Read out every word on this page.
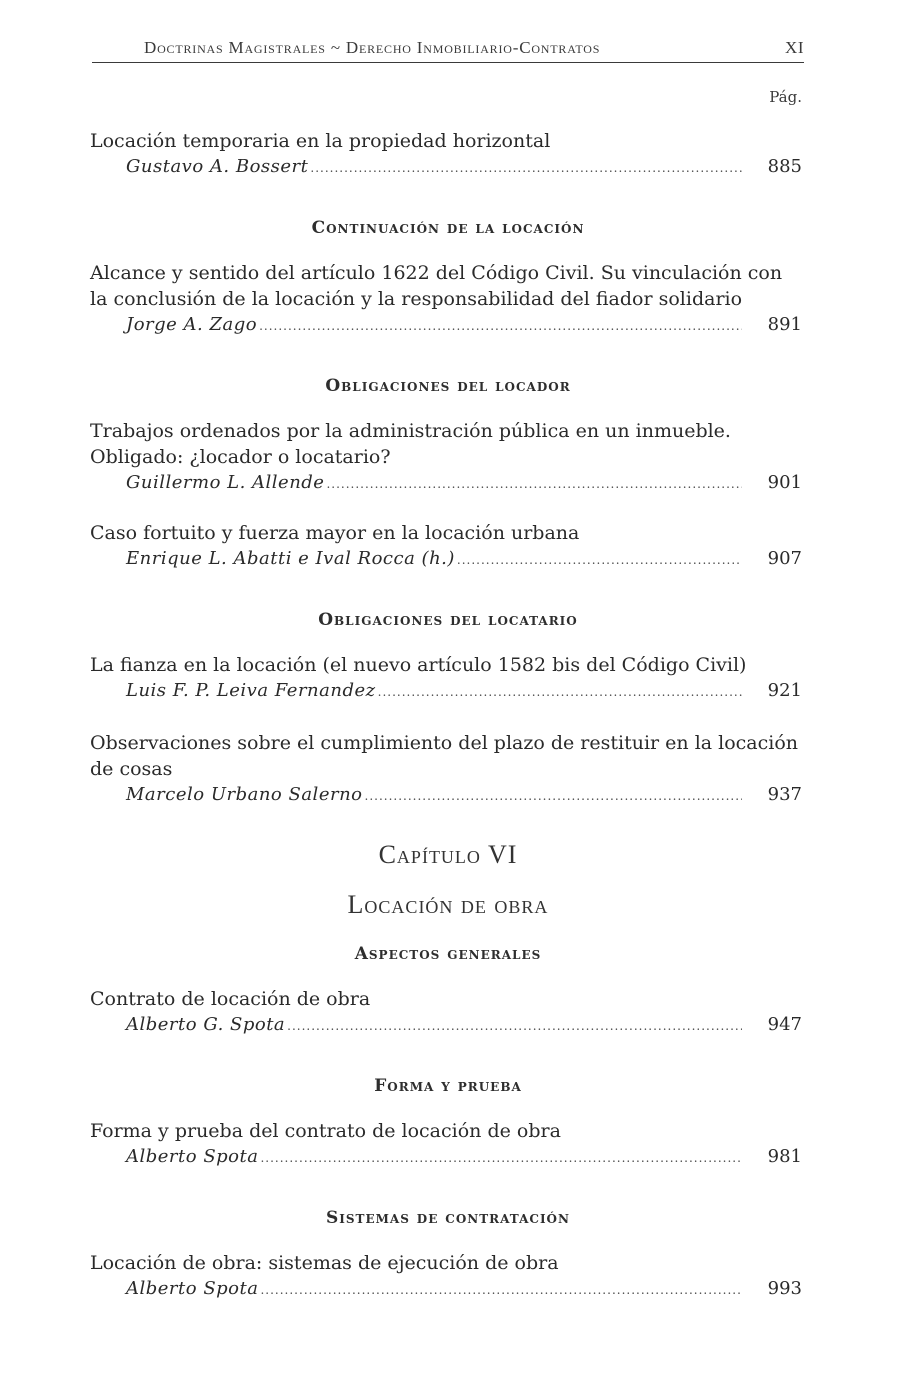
Doctrinas Magistrales ~ Derecho Inmobiliario-Contratos	XI
Pág.
Locación temporaria en la propiedad horizontal
Gustavo A. Bossert .....	885
Continuación de la locación
Alcance y sentido del artículo 1622 del Código Civil. Su vinculación con la conclusión de la locación y la responsabilidad del fiador solidario
Jorge A. Zago .....	891
Obligaciones del locador
Trabajos ordenados por la administración pública en un inmueble. Obligado: ¿locador o locatario?
Guillermo L. Allende .....	901
Caso fortuito y fuerza mayor en la locación urbana
Enrique L. Abatti e Ival Rocca (h.) .....	907
Obligaciones del locatario
La fianza en la locación (el nuevo artículo 1582 bis del Código Civil)
Luis F. P. Leiva Fernandez .....	921
Observaciones sobre el cumplimiento del plazo de restituir en la locación de cosas
Marcelo Urbano Salerno .....	937
Capítulo VI
Locación de obra
Aspectos generales
Contrato de locación de obra
Alberto G. Spota .....	947
Forma y prueba
Forma y prueba del contrato de locación de obra
Alberto Spota .....	981
Sistemas de contratación
Locación de obra: sistemas de ejecución de obra
Alberto Spota .....	993
